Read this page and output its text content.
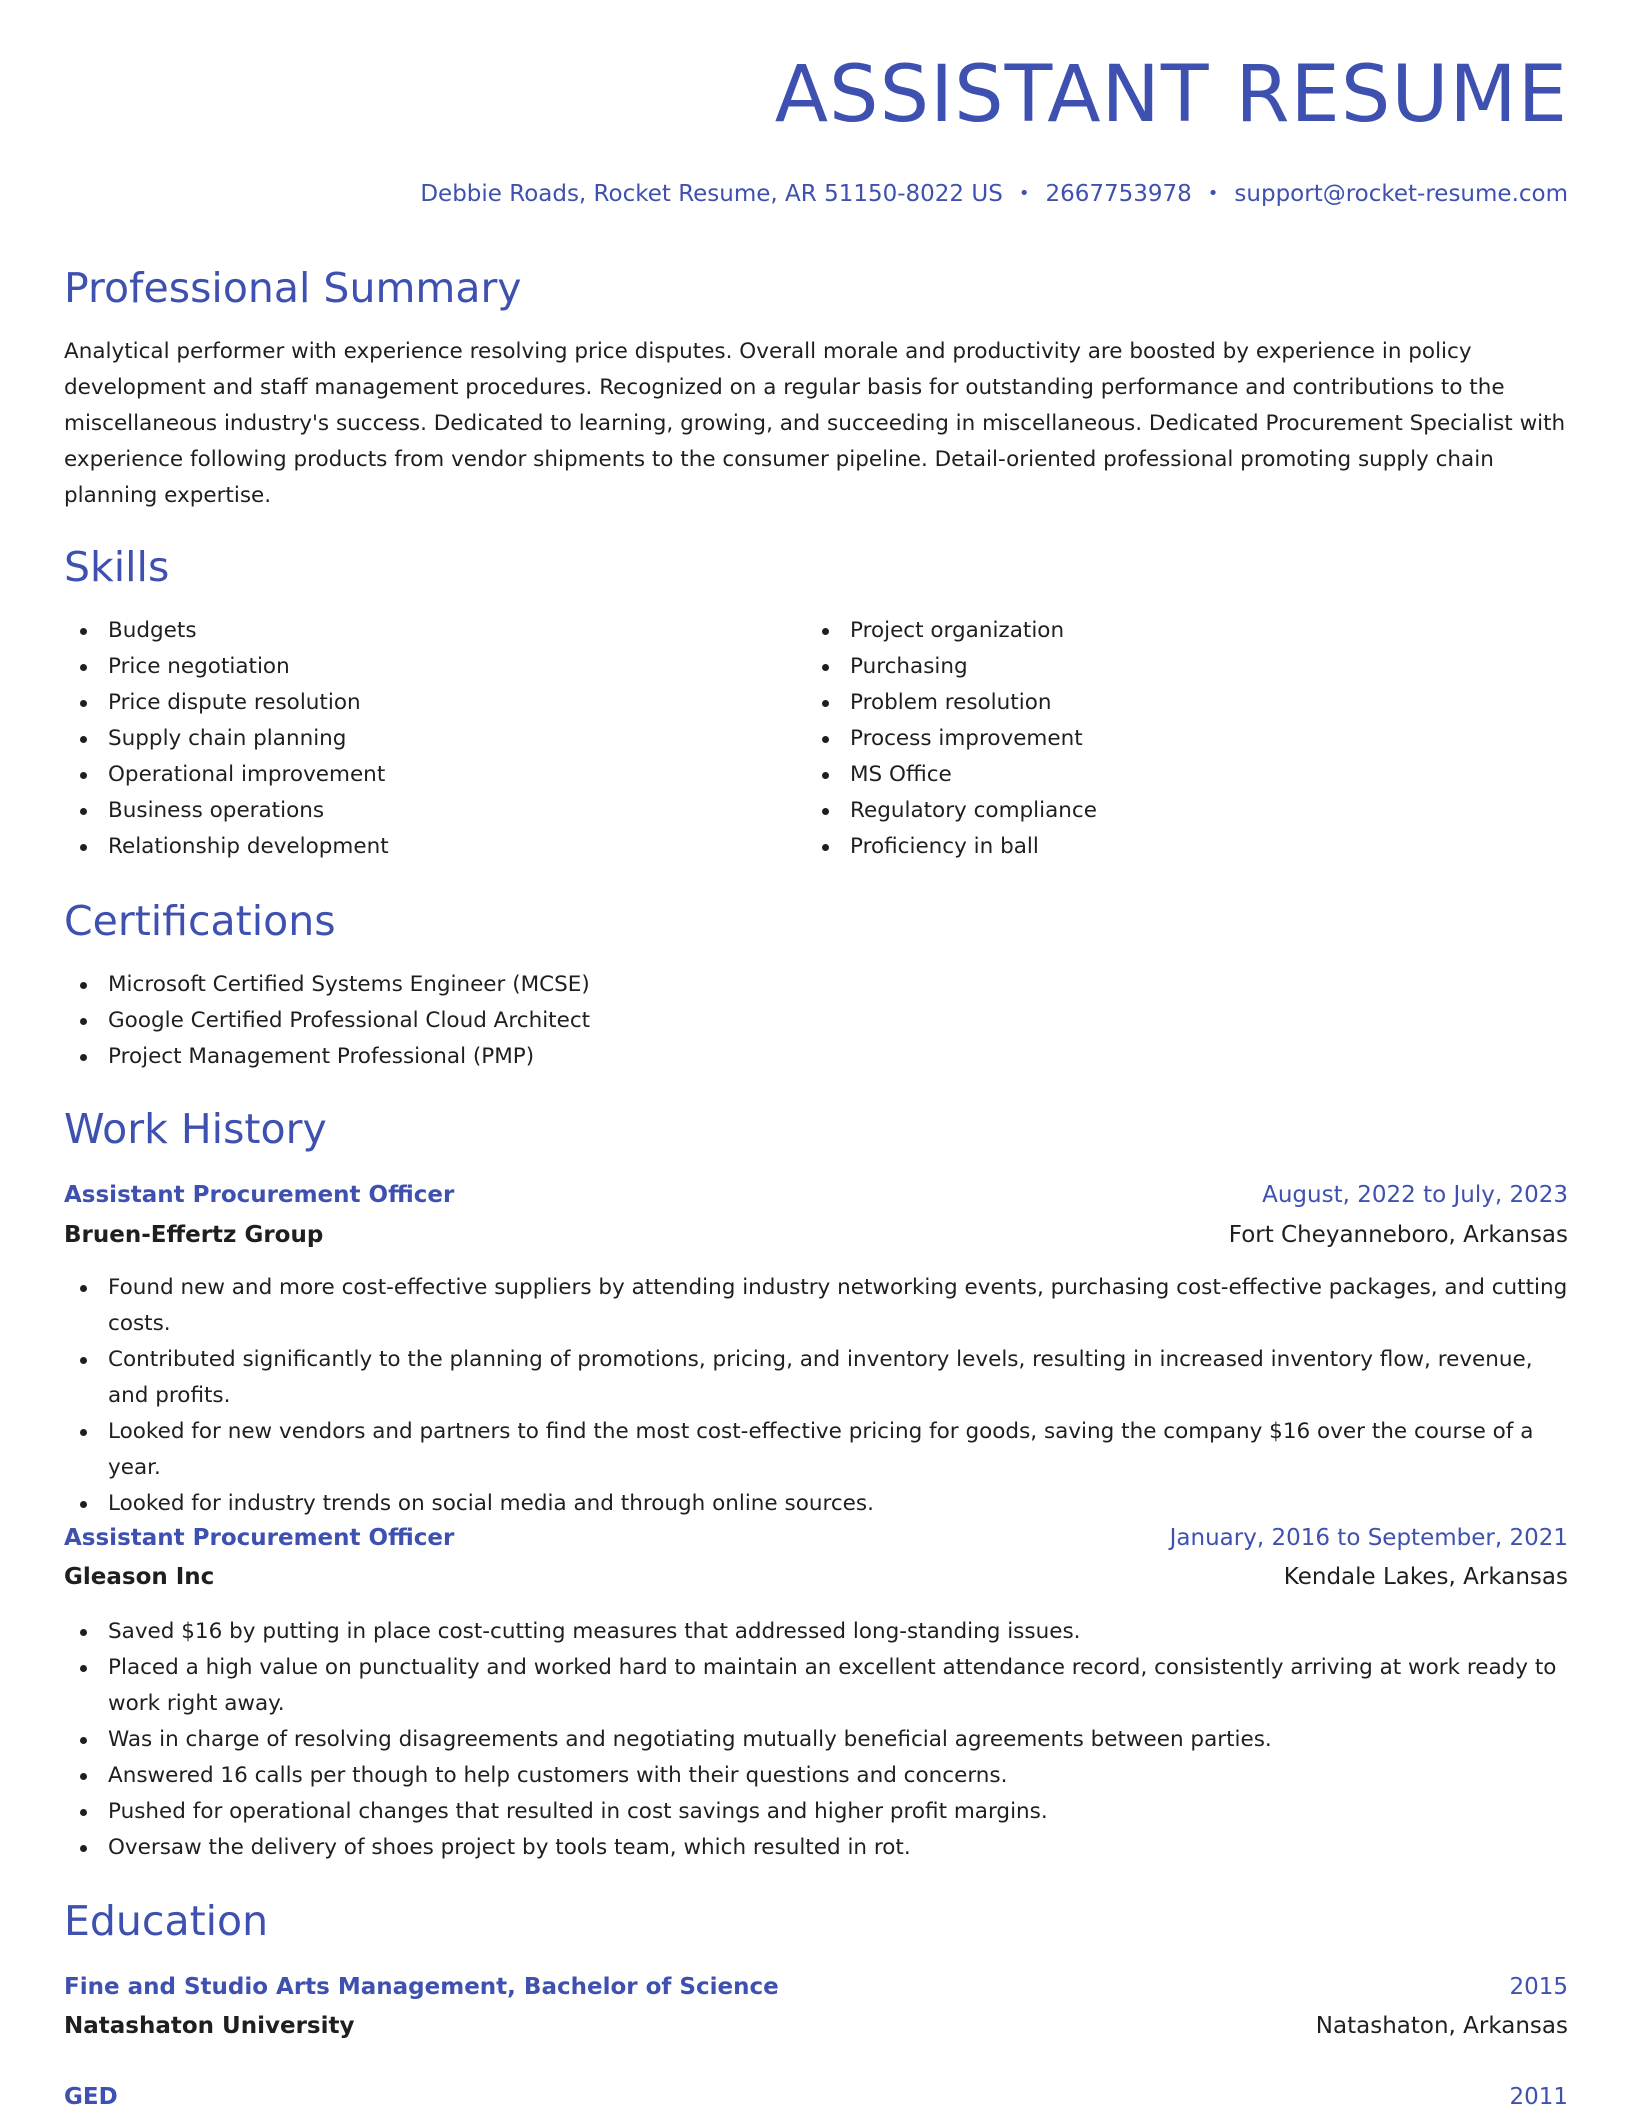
ASSISTANT RESUME
Debbie Roads, Rocket Resume, AR 51150-8022 US • 2667753978 • support@rocket-resume.com
Professional Summary
Analytical performer with experience resolving price disputes. Overall morale and productivity are boosted by experience in policy development and staff management procedures. Recognized on a regular basis for outstanding performance and contributions to the miscellaneous industry's success. Dedicated to learning, growing, and succeeding in miscellaneous. Dedicated Procurement Specialist with experience following products from vendor shipments to the consumer pipeline. Detail-oriented professional promoting supply chain planning expertise.
Skills
Budgets
Price negotiation
Price dispute resolution
Supply chain planning
Operational improvement
Business operations
Relationship development
Project organization
Purchasing
Problem resolution
Process improvement
MS Office
Regulatory compliance
Proficiency in ball
Certifications
Microsoft Certified Systems Engineer (MCSE)
Google Certified Professional Cloud Architect
Project Management Professional (PMP)
Work History
Assistant Procurement Officer	August, 2022 to July, 2023
Bruen-Effertz Group	Fort Cheyanneboro, Arkansas
Found new and more cost-effective suppliers by attending industry networking events, purchasing cost-effective packages, and cutting costs.
Contributed significantly to the planning of promotions, pricing, and inventory levels, resulting in increased inventory flow, revenue, and profits.
Looked for new vendors and partners to find the most cost-effective pricing for goods, saving the company $16 over the course of a year.
Looked for industry trends on social media and through online sources.
Assistant Procurement Officer	January, 2016 to September, 2021
Gleason Inc	Kendale Lakes, Arkansas
Saved $16 by putting in place cost-cutting measures that addressed long-standing issues.
Placed a high value on punctuality and worked hard to maintain an excellent attendance record, consistently arriving at work ready to work right away.
Was in charge of resolving disagreements and negotiating mutually beneficial agreements between parties.
Answered 16 calls per though to help customers with their questions and concerns.
Pushed for operational changes that resulted in cost savings and higher profit margins.
Oversaw the delivery of shoes project by tools team, which resulted in rot.
Education
Fine and Studio Arts Management, Bachelor of Science	2015
Natashaton University	Natashaton, Arkansas
GED	2011
